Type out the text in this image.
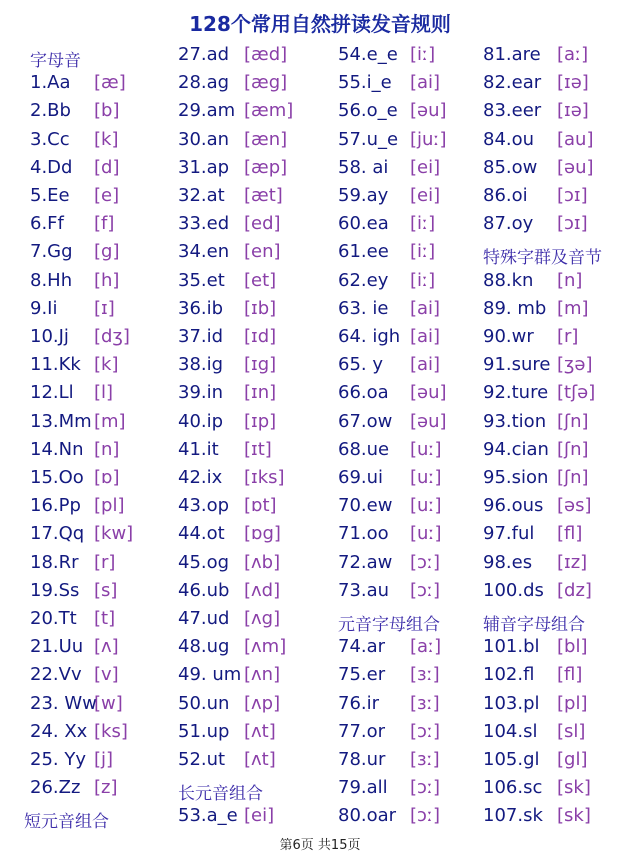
128个常用自然拼读发音规则
字母音
1.Aa [æ]
2.Bb [b]
3.Cc [k]
4.Dd [d]
5.Ee [e]
6.Ff [f]
7.Gg [g]
8.Hh [h]
9.Ii [ɪ]
10.Jj [dʒ]
11.Kk [k]
12.Ll [l]
13.Mm [m]
14.Nn [n]
15.Oo [ɒ]
16.Pp [pl]
17.Qq [kw]
18.Rr [r]
19.Ss [s]
20.Tt [t]
21.Uu [ʌ]
22.Vv [v]
23. Ww
[w]
24. Xx [ks]
25. Yy [j]
26.Zz [z]
短元音组合
27.ad [æd]
28.ag [æg]
29.am [æm]
30.an [æn]
31.ap [æp]
32.at [æt]
33.ed [ed]
34.en [en]
35.et [et]
36.ib [ɪb]
37.id [ɪd]
38.ig [ɪg]
39.in [ɪn]
40.ip [ɪp]
41.it [ɪt]
42.ix [ɪks]
43.op [ɒt]
44.ot [ɒg]
45.og [ʌb]
46.ub [ʌd]
47.ud [ʌg]
48.ug [ʌm]
49. um [ʌn]
50.un [ʌp]
51.up [ʌt]
52.ut [ʌt]
长元音组合
53.a_e [ei]
54.e_e [iː]
55.i_e [ai]
56.o_e [əu]
57.u_e [juː]
58. ai [ei]
59.ay [ei]
60.ea [iː]
61.ee [iː]
62.ey [iː]
63. ie [ai]
64. igh [ai]
65. y [ai]
66.oa [əu]
67.ow [əu]
68.ue [uː]
69.ui [uː]
70.ew [uː]
71.oo [uː]
72.aw [ɔː]
73.au [ɔː]
元音字母组合
74.ar [aː]
75.er [ɜː]
76.ir [ɜː]
77.or [ɔː]
78.ur [ɜː]
79.all [ɔː]
80.oar [ɔː]
81.are [aː]
82.ear [ɪə]
83.eer [ɪə]
84.ou [au]
85.ow [əu]
86.oi [ɔɪ]
87.oy [ɔɪ]
特殊字群及音节
88.kn [n]
89. mb [m]
90.wr [r]
91.sure [ʒə]
92.ture [tʃə]
93.tion [ʃn]
94.cian [ʃn]
95.sion [ʃn]
96.ous [əs]
97.ful [fl]
98.es [ɪz]
100.ds [dz]
辅音字母组合
101.bl [bl]
102.fl [fl]
103.pl [pl]
104.sl [sl]
105.gl [gl]
106.sc [sk]
107.sk [sk]
第6页 共15页
